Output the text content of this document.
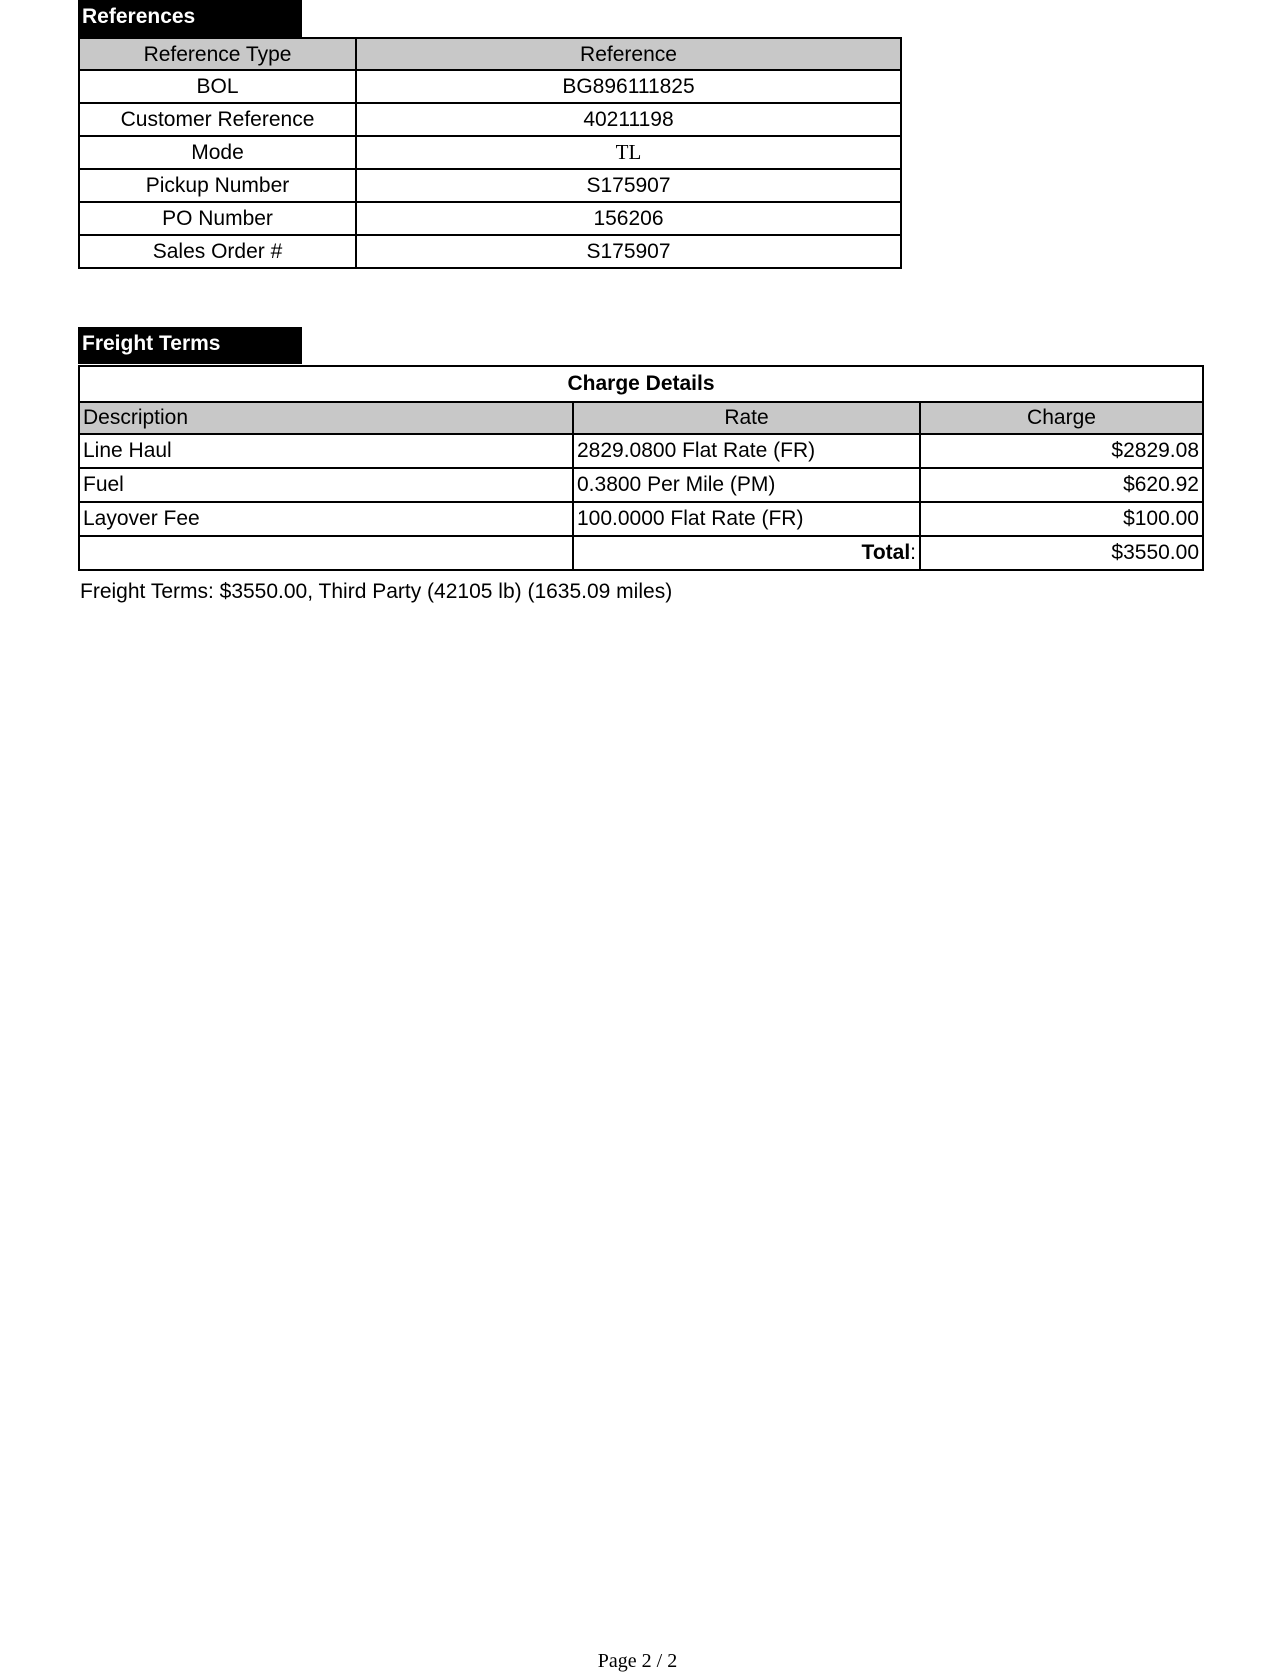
References
Reference Type	Reference
BOL	BG896111825
Customer Reference	40211198
Mode	TL
Pickup Number	S175907
PO Number	156206
Sales Order #	S175907
Freight Terms
Charge Details		
Description	Rate	Charge
Line Haul	2829.0800 Flat Rate (FR)	$2829.08
Fuel	0.3800 Per Mile (PM)	$620.92
Layover Fee	100.0000 Flat Rate (FR)	$100.00
	Total:	$3550.00
Freight Terms: $3550.00, Third Party (42105 lb) (1635.09 miles)
Page 2 / 2
